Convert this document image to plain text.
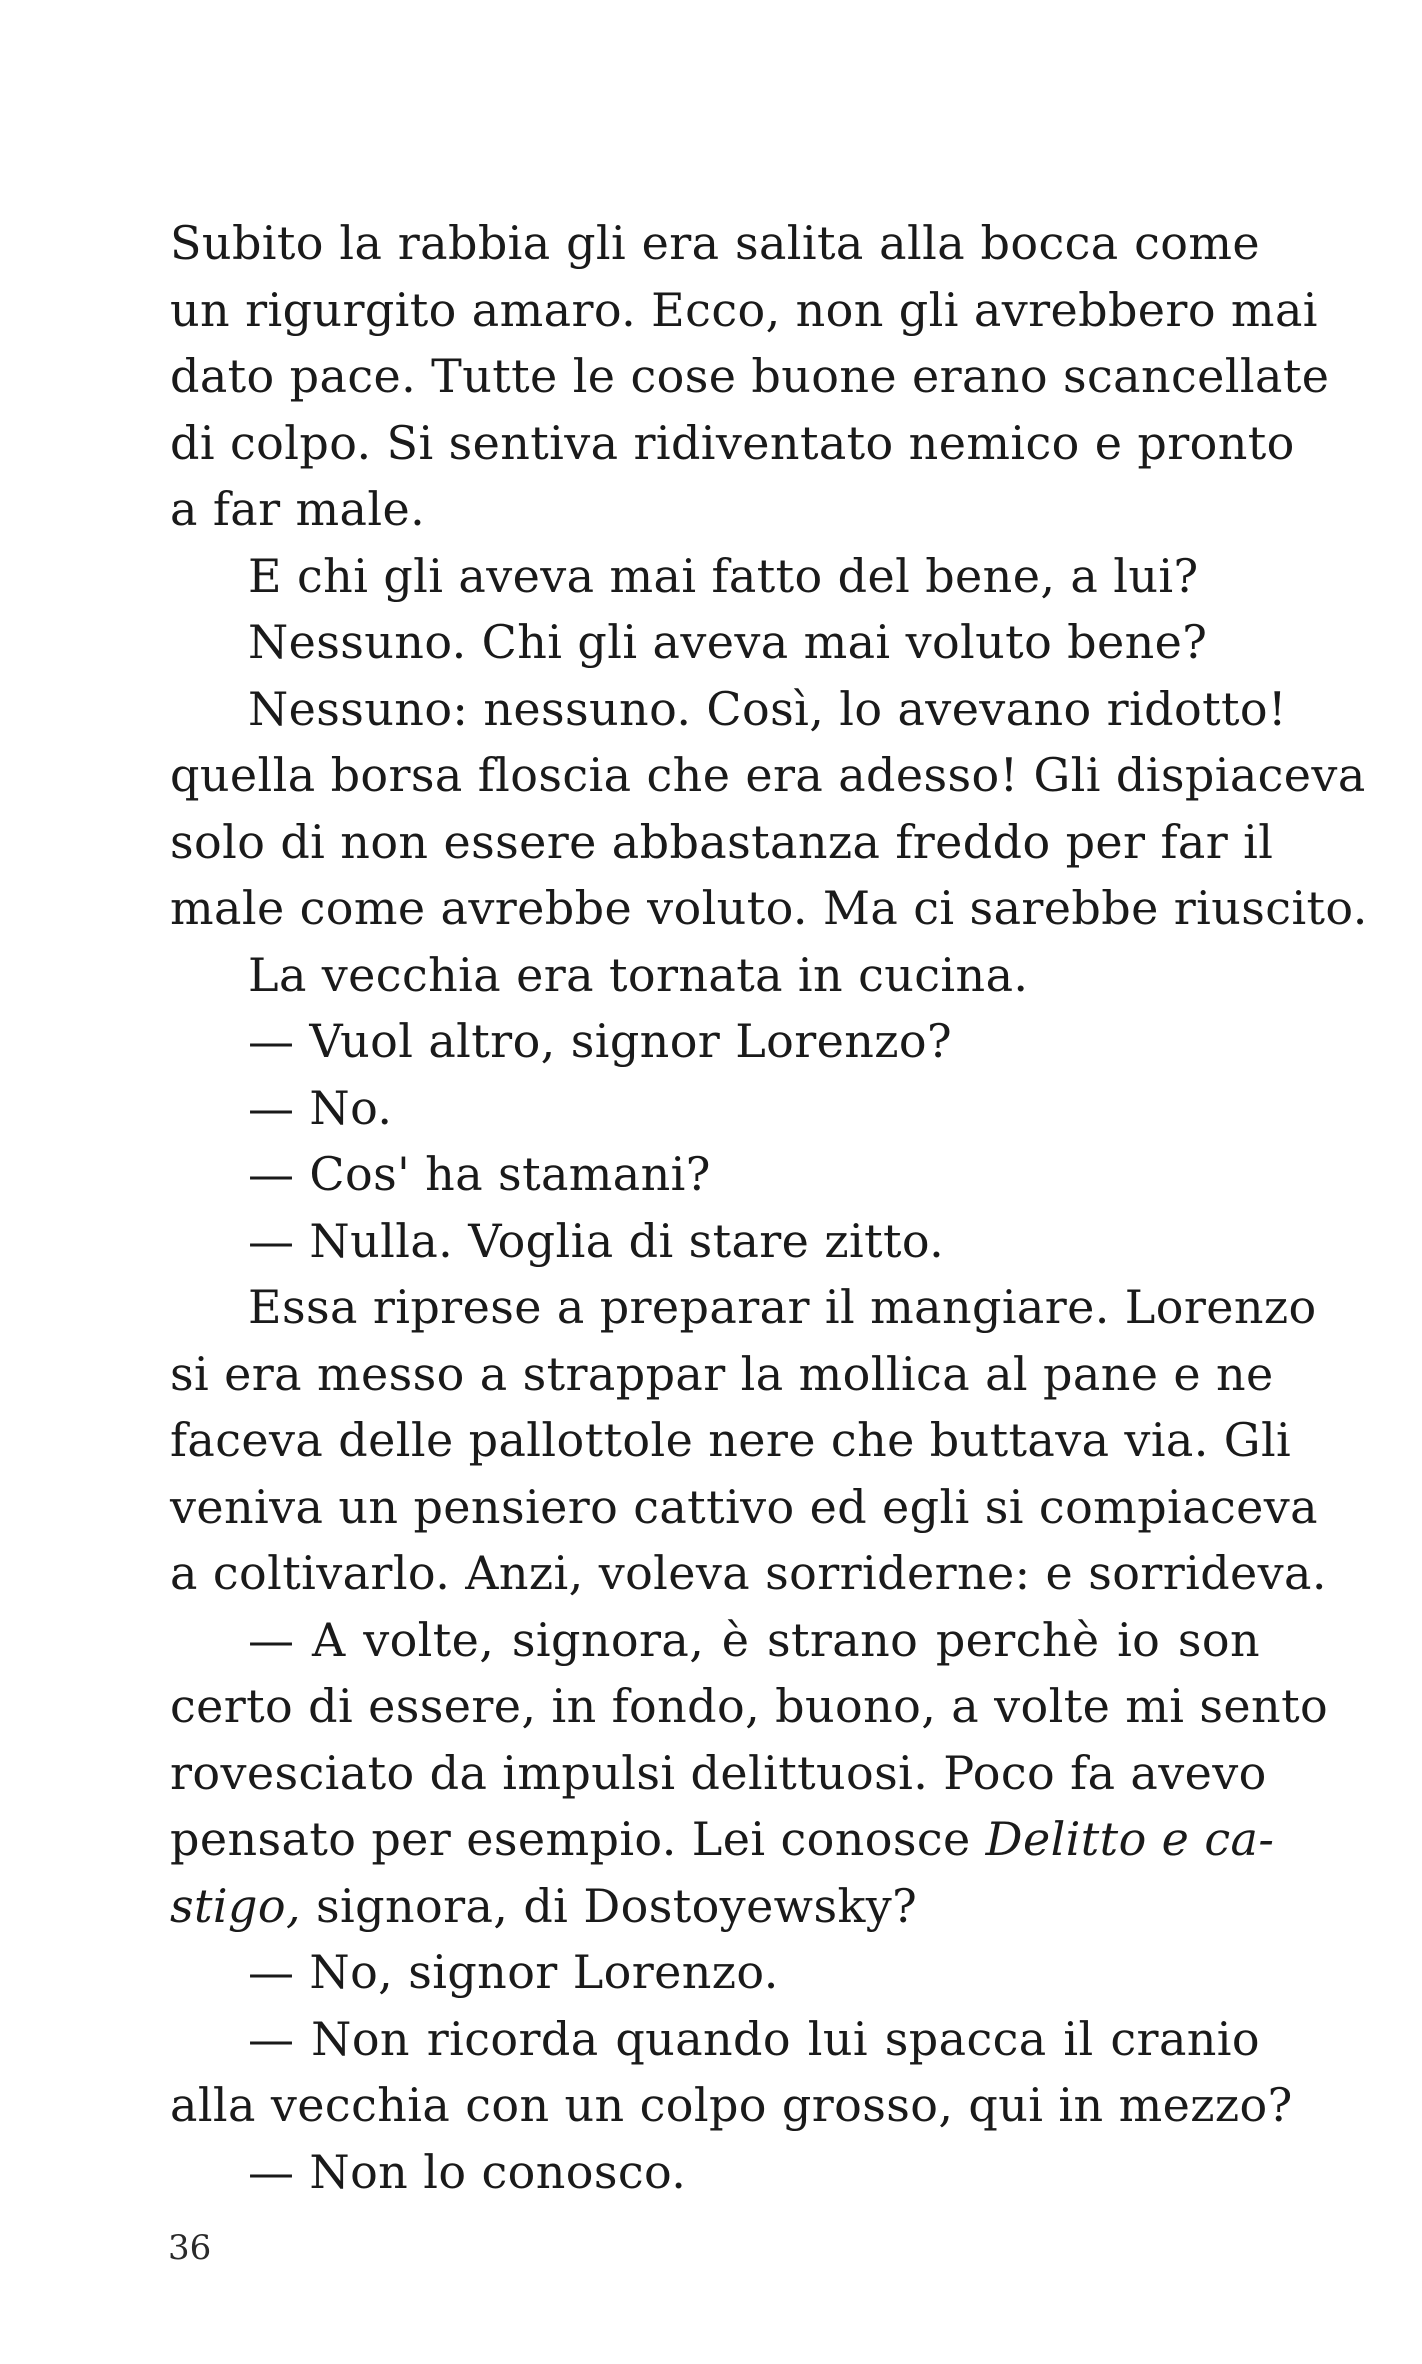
Subito la rabbia gli era salita alla bocca come
un rigurgito amaro. Ecco, non gli avrebbero mai
dato pace. Tutte le cose buone erano scancellate
di colpo. Si sentiva ridiventato nemico e pronto
a far male.
E chi gli aveva mai fatto del bene, a lui?
Nessuno. Chi gli aveva mai voluto bene?
Nessuno: nessuno. Così, lo avevano ridotto!
quella borsa floscia che era adesso! Gli dispiaceva
solo di non essere abbastanza freddo per far il
male come avrebbe voluto. Ma ci sarebbe riuscito.
La vecchia era tornata in cucina.
— Vuol altro, signor Lorenzo?
— No.
— Cos' ha stamani?
— Nulla. Voglia di stare zitto.
Essa riprese a preparar il mangiare. Lorenzo
si era messo a strappar la mollica al pane e ne
faceva delle pallottole nere che buttava via. Gli
veniva un pensiero cattivo ed egli si compiaceva
a coltivarlo. Anzi, voleva sorriderne: e sorrideva.
— A volte, signora, è strano perchè io son
certo di essere, in fondo, buono, a volte mi sento
rovesciato da impulsi delittuosi. Poco fa avevo
pensato per esempio. Lei conosce Delitto e ca-
stigo, signora, di Dostoyewsky?
— No, signor Lorenzo.
— Non ricorda quando lui spacca il cranio
alla vecchia con un colpo grosso, qui in mezzo?
— Non lo conosco.
36
